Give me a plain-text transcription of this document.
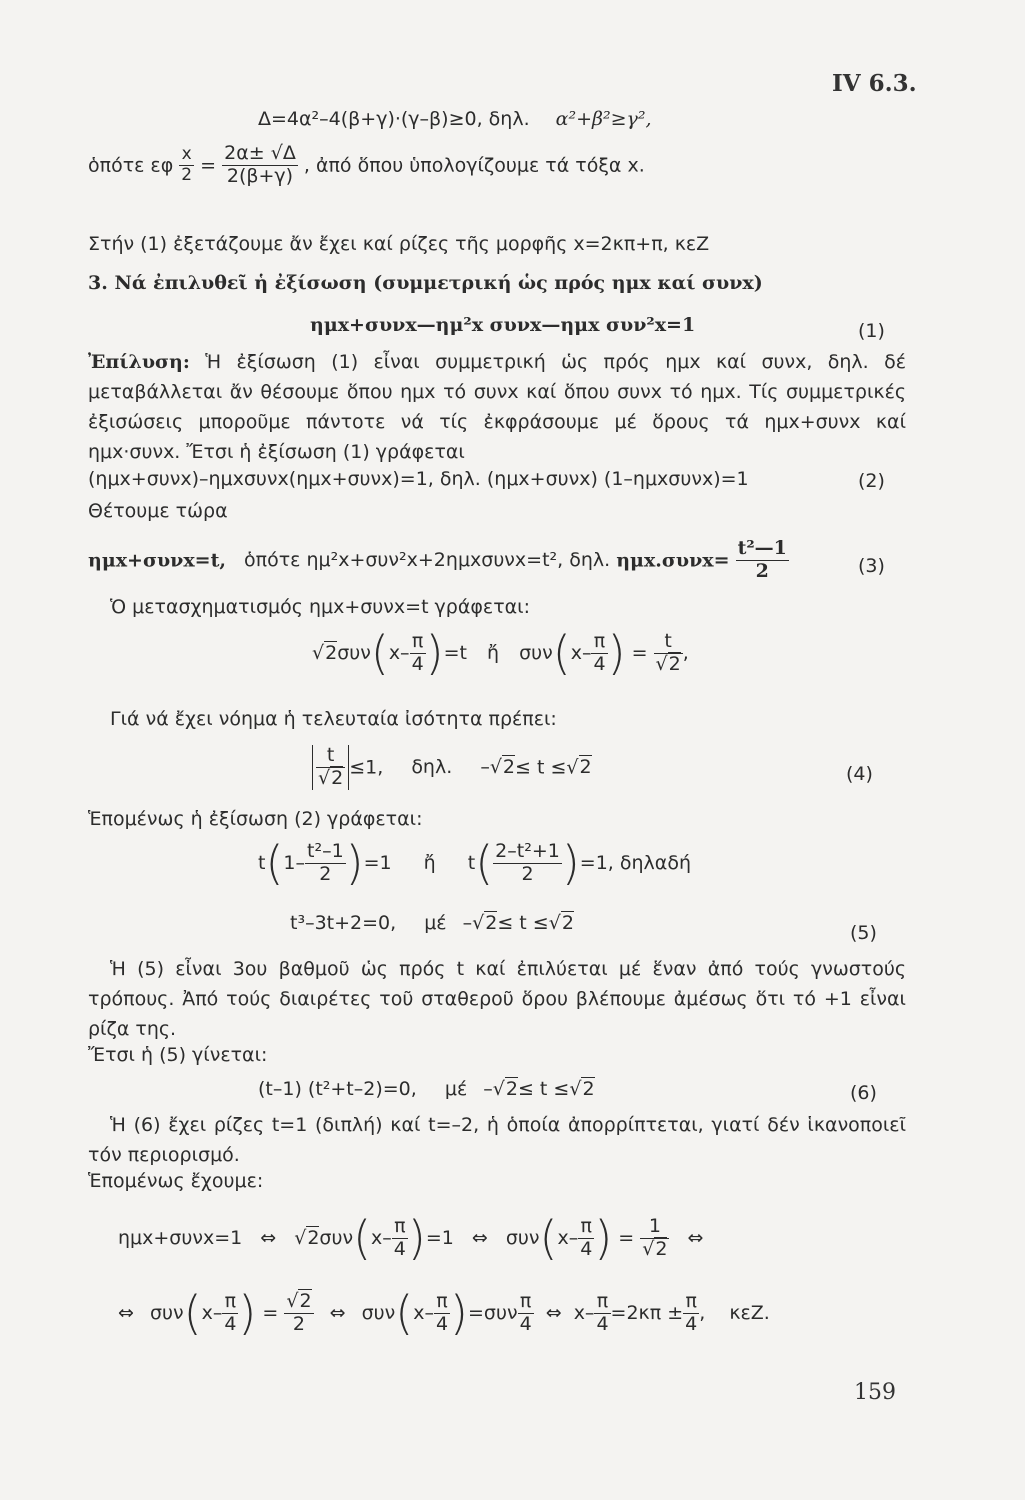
IV 6.3.
Δ=4α²–4(β+γ)·(γ–β)≥0, δηλ. α²+β²≥γ²,
ὁπότε εφ $\frac{x}{2} = \frac{2\alpha\pm √\Delta}{2(\beta+\gamma)}$ , ἀπό ὅπου ὑπολογίζουμε τά τόξα x.
Στήν (1) ἐξετάζουμε ἄν ἔχει καί ρίζες τῆς μορφῆς x=2κπ+π, κεZ
3. Νά ἐπιλυθεῖ ἡ ἐξίσωση (συμμετρική ὡς πρός ημx καί συνx)
ημx+συνx—ημ²x συνx—ημx συν²x=1	(1)
Ἐπίλυση: Ἡ ἐξίσωση (1) εἶναι συμμετρική ὡς πρός ημx καί συνx, δηλ. δέ μεταβάλλεται ἄν θέσουμε ὅπου ημx τό συνx καί ὅπου συνx τό ημx. Τίς συμμετρικές ἐξισώσεις μποροῦμε πάντοτε νά τίς ἐκφράσουμε μέ ὅρους τά ημx+συνx καί ημx·συνx. Ἔτσι ἡ ἐξίσωση (1) γράφεται
(ημx+συνx)–ημxσυνx(ημx+συνx)=1, δηλ. (ημx+συνx) (1–ημxσυνx)=1	(2)
Θέτουμε τώρα
ημx+συνx=t, ὁπότε ημ²x+συν²x+2ημxσυνx=t², δηλ. $\eta\mu x.\sigma\upsilon\nu x= \frac{\text{t²—1}}{2}$	(3)
Ὁ μετασχηματισμός ημx+συνx=t γράφεται:
$√2\sigma\upsilon\nu(x- \frac{\pi}{4} )=t$ ἤ $\sigma\upsilon\nu(x- \frac{\pi}{4}$ ) = $\frac{t}{√2}$ ,
Γιά νά ἔχει νόημα ἡ τελευταία ἰσότητα πρέπει:
$\frac{t}{√2} \le 1$, δηλ. –√2≤ t ≤√2	(4)
Ἑπομένως ἡ ἐξίσωση (2) γράφεται:
$t(1- \frac{\text{t²–1}}{2} )=1$ ἤ $t( \frac{\text{2–t²+1}}{2} )=1$, δηλαδή
t³–3t+2=0, μέ –√2≤ t ≤√2	(5)
Ἡ (5) εἶναι 3ου βαθμοῦ ὡς πρός t καί ἐπιλύεται μέ ἕναν ἀπό τούς γνωστούς τρόπους. Ἀπό τούς διαιρέτες τοῦ σταθεροῦ ὅρου βλέπουμε ἀμέσως ὅτι τό +1 εἶναι ρίζα της.
Ἔτσι ἡ (5) γίνεται:
(t–1) (t²+t–2)=0, μέ –√2≤ t ≤√2	(6)
Ἡ (6) ἔχει ρίζες t=1 (διπλή) καί t=–2, ἡ ὁποία ἀπορρίπτεται, γιατί δέν ἱκανοποιεῖ τόν περιορισμό.
Ἑπομένως ἔχουμε:
ημx+συνx=1 ⇔ $√2\sigma\upsilon\nu(x- \frac{\pi}{4} )=1$ ⇔ $\sigma\upsilon\nu(x- \frac{\pi}{4}$ ) = $\frac{1}{√2}$ ⇔
⇔ $\sigma\upsilon\nu(x- \frac{\pi}{4}$ ) = $\frac{√2}{2}$ ⇔ $\sigma\upsilon\nu(x- \frac{\pi}{4} )=\sigma\upsilon\nu \frac{\pi}{4}$ ⇔ $x- \frac{\pi}{4} =2\kappa\pi \pm \frac{\pi}{4}$ , κεZ.
159
